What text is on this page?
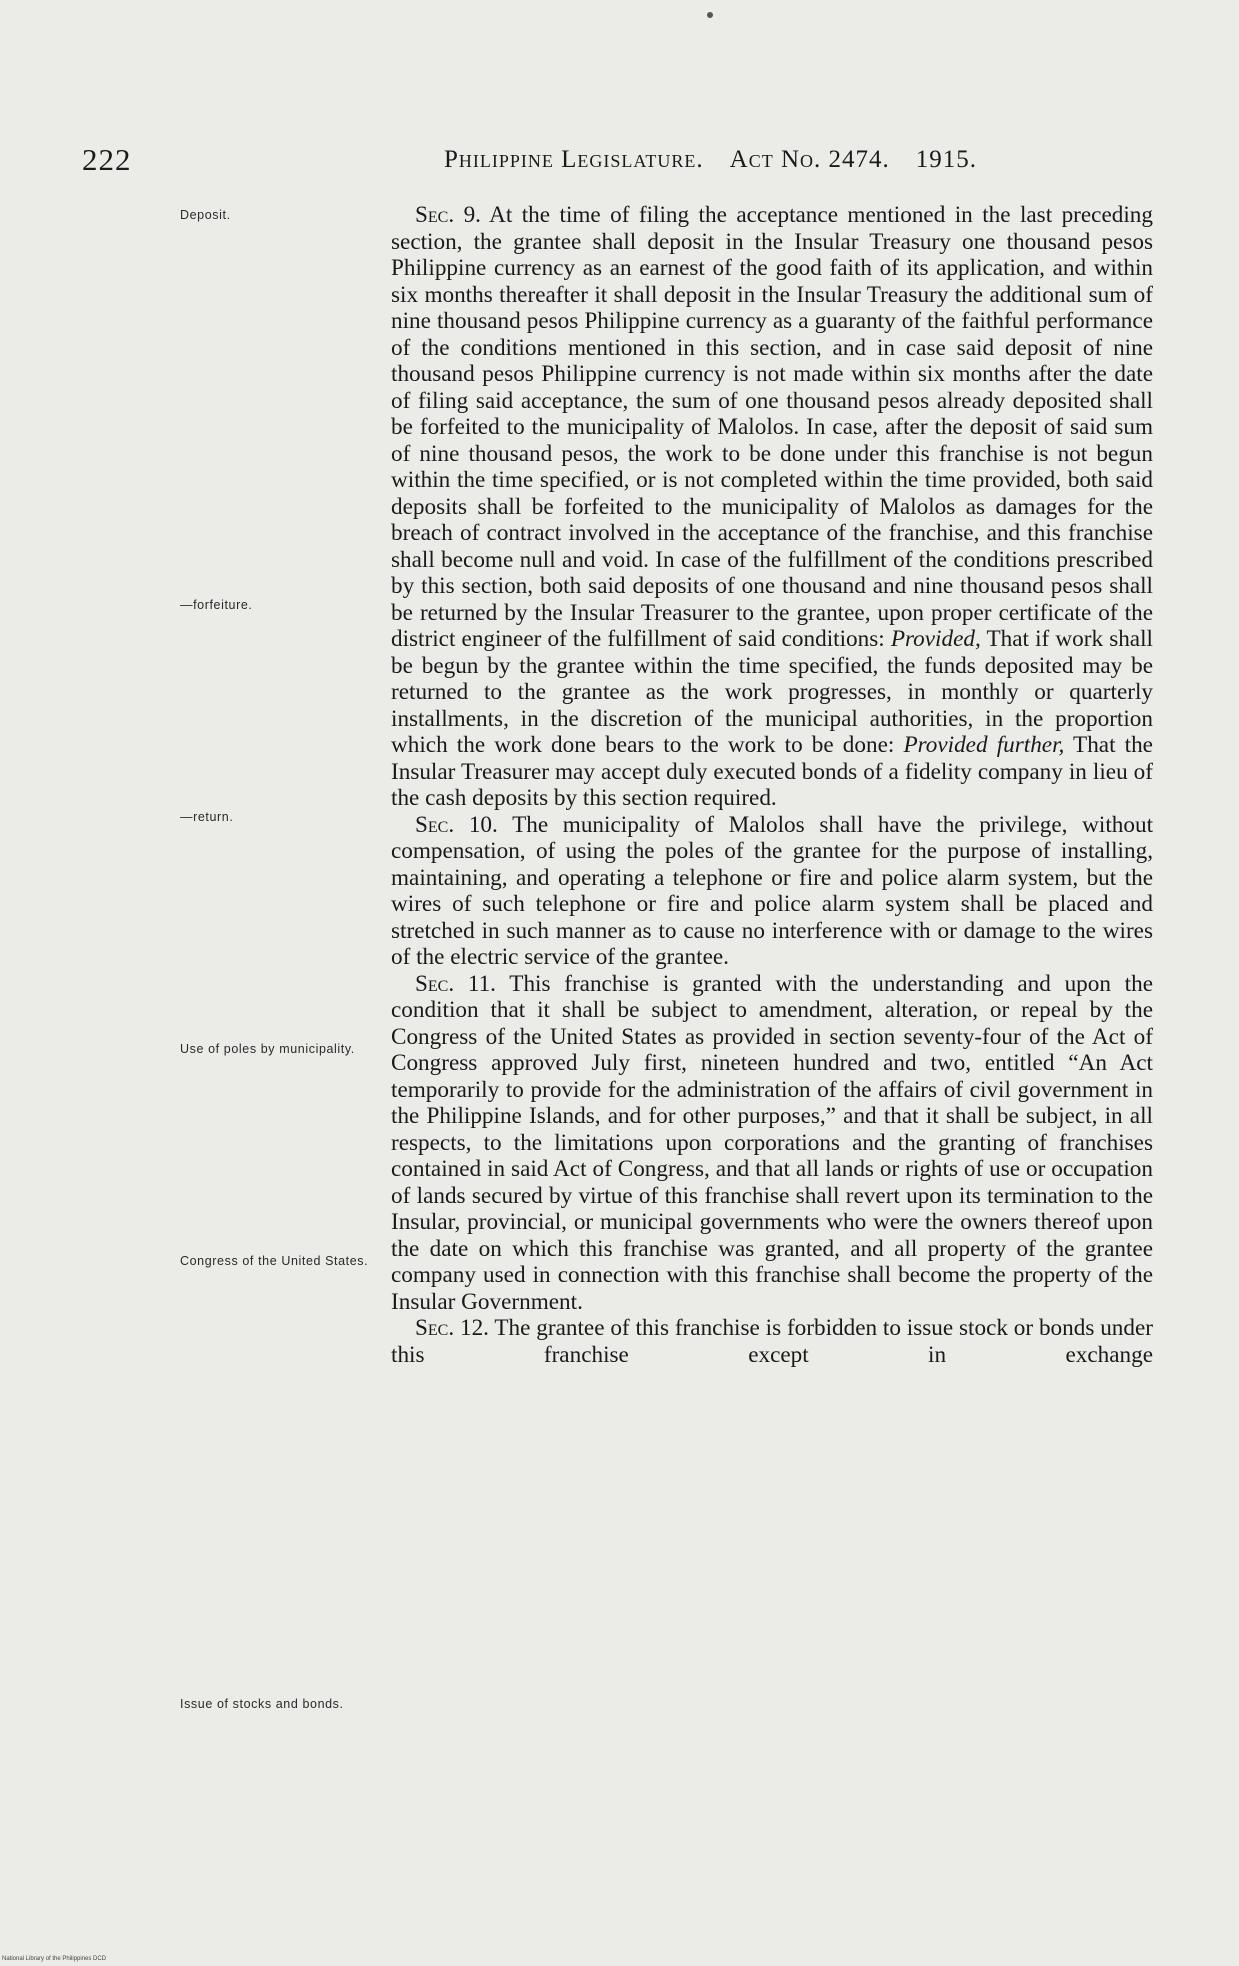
222	Philippine Legislature. Act No. 2474. 1915.
Deposit.
—forfeiture.
—return.
Use of poles by municipality.
Congress of the United States.
Issue of stocks and bonds.

Sec. 9. At the time of filing the acceptance mentioned in the last preceding section, the grantee shall deposit in the Insular Treasury one thousand pesos Philippine currency as an earnest of the good faith of its application, and within six months thereafter it shall deposit in the Insular Treasury the additional sum of nine thousand pesos Philippine currency as a guaranty of the faithful performance of the conditions mentioned in this section, and in case said deposit of nine thousand pesos Philippine currency is not made within six months after the date of filing said acceptance, the sum of one thousand pesos already deposited shall be forfeited to the municipality of Malolos. In case, after the deposit of said sum of nine thousand pesos, the work to be done under this franchise is not begun within the time specified, or is not completed within the time provided, both said deposits shall be forfeited to the municipality of Malolos as damages for the breach of contract involved in the acceptance of the franchise, and this franchise shall become null and void. In case of the fulfillment of the conditions prescribed by this section, both said deposits of one thousand and nine thousand pesos shall be returned by the Insular Treasurer to the grantee, upon proper certificate of the district engineer of the fulfillment of said conditions: Provided, That if work shall be begun by the grantee within the time specified, the funds deposited may be returned to the grantee as the work progresses, in monthly or quarterly installments, in the discretion of the municipal authorities, in the proportion which the work done bears to the work to be done: Provided further, That the Insular Treasurer may accept duly executed bonds of a fidelity company in lieu of the cash deposits by this section required.

Sec. 10. The municipality of Malolos shall have the privilege, without compensation, of using the poles of the grantee for the purpose of installing, maintaining, and operating a telephone or fire and police alarm system, but the wires of such telephone or fire and police alarm system shall be placed and stretched in such manner as to cause no interference with or damage to the wires of the electric service of the grantee.

Sec. 11. This franchise is granted with the understanding and upon the condition that it shall be subject to amendment, alteration, or repeal by the Congress of the United States as provided in section seventy-four of the Act of Congress approved July first, nineteen hundred and two, entitled “An Act temporarily to provide for the administration of the affairs of civil government in the Philippine Islands, and for other purposes,” and that it shall be subject, in all respects, to the limitations upon corporations and the granting of franchises contained in said Act of Congress, and that all lands or rights of use or occupation of lands secured by virtue of this franchise shall revert upon its termination to the Insular, provincial, or municipal governments who were the owners thereof upon the date on which this franchise was granted, and all property of the grantee company used in connection with this franchise shall become the property of the Insular Government.

Sec. 12. The grantee of this franchise is forbidden to issue stock or bonds under this franchise except in exchange

National Library of the Philippines DCD
